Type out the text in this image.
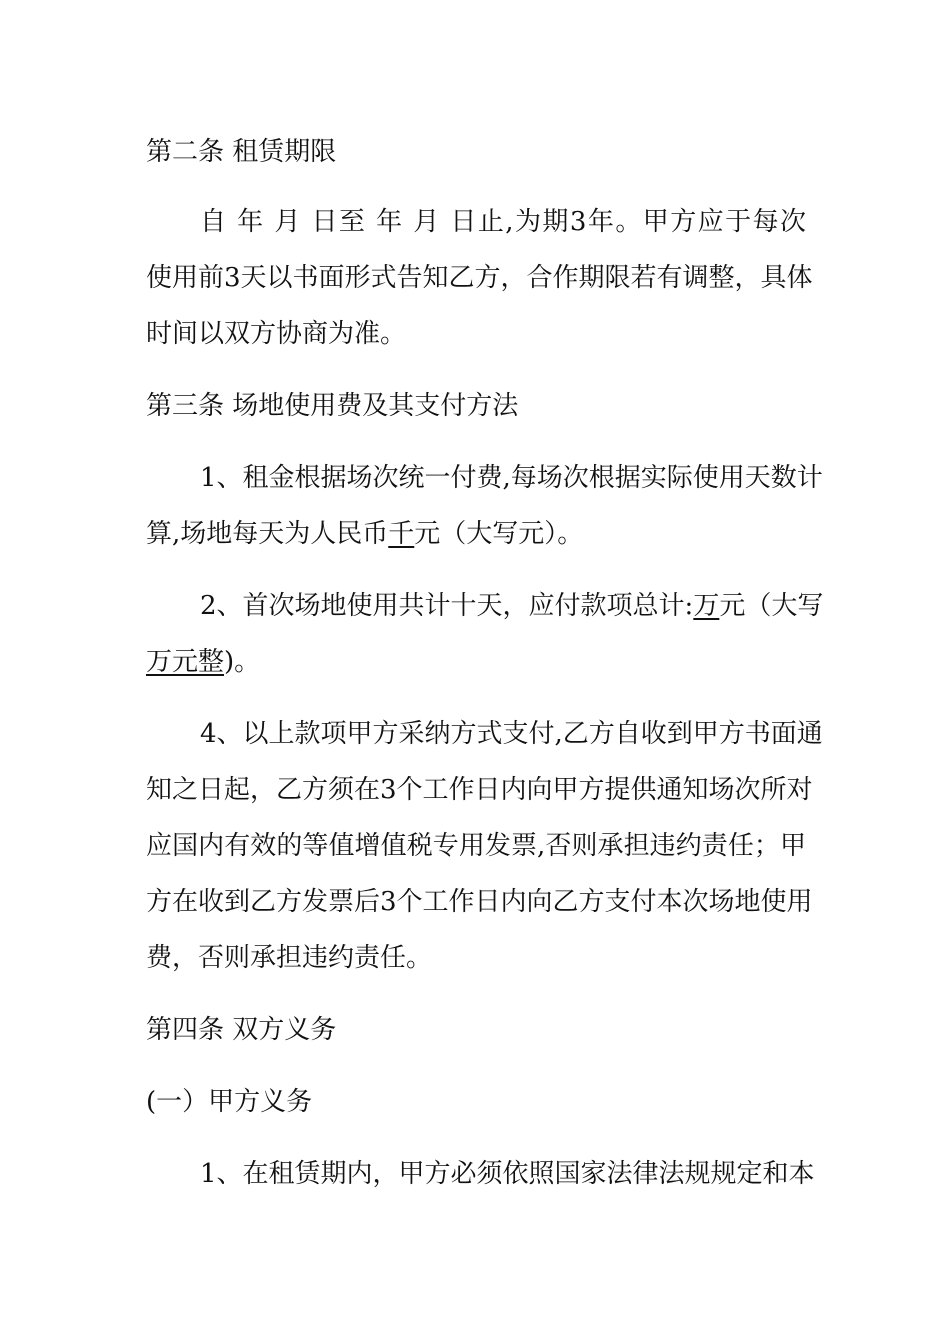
第二条 租赁期限
自 年 月 日至 年 月 日止,为期3年。甲方应于每次
使用前3天以书面形式告知乙方，合作期限若有调整，具体
时间以双方协商为准。
第三条 场地使用费及其支付方法
1、租金根据场次统一付费,每场次根据实际使用天数计
算,场地每天为人民币千元（大写元）。
2、首次场地使用共计十天，应付款项总计:万元（大写
万元整)。
4、以上款项甲方采纳方式支付,乙方自收到甲方书面通
知之日起，乙方须在3个工作日内向甲方提供通知场次所对
应国内有效的等值增值税专用发票,否则承担违约责任；甲
方在收到乙方发票后3个工作日内向乙方支付本次场地使用
费，否则承担违约责任。
第四条 双方义务
(一）甲方义务
1、在租赁期内，甲方必须依照国家法律法规规定和本
